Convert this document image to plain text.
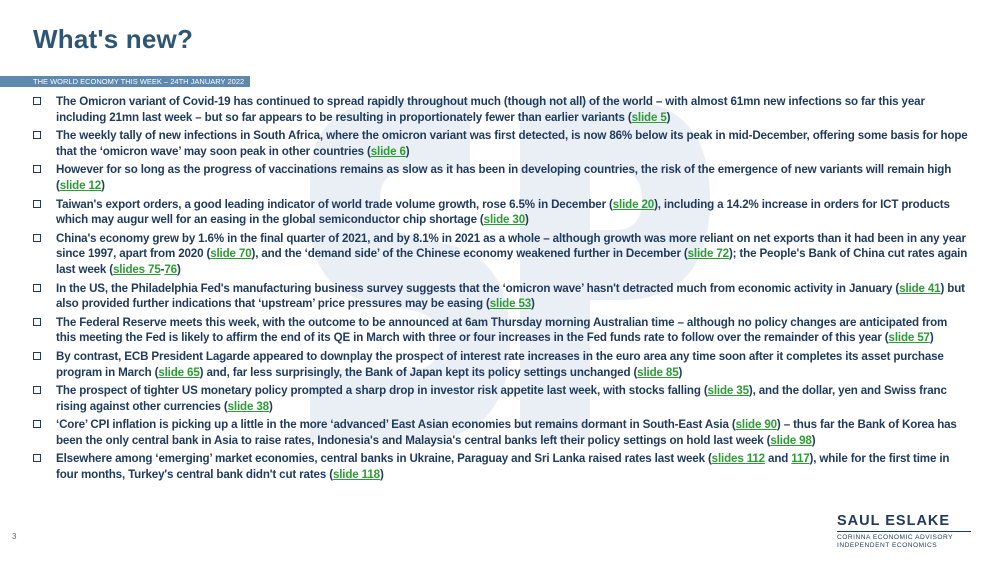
What's new?
THE WORLD ECONOMY THIS WEEK – 24TH JANUARY 2022
The Omicron variant of Covid-19 has continued to spread rapidly throughout much (though not all) of the world – with almost 61mn new infections so far this year including 21mn last week – but so far appears to be resulting in proportionately fewer than earlier variants (slide 5)
The weekly tally of new infections in South Africa, where the omicron variant was first detected, is now 86% below its peak in mid-December, offering some basis for hope that the ‘omicron wave’ may soon peak in other countries (slide 6)
However for so long as the progress of vaccinations remains as slow as it has been in developing countries, the risk of the emergence of new variants will remain high (slide 12)
Taiwan's export orders, a good leading indicator of world trade volume growth, rose 6.5% in December (slide 20), including a 14.2% increase in orders for ICT products which may augur well for an easing in the global semiconductor chip shortage (slide 30)
China's economy grew by 1.6% in the final quarter of 2021, and by 8.1% in 2021 as a whole – although growth was more reliant on net exports than it had been in any year since 1997, apart from 2020 (slide 70), and the ‘demand side’ of the Chinese economy weakened further in December (slide 72); the People's Bank of China cut rates again last week (slides 75-76)
In the US, the Philadelphia Fed's manufacturing business survey suggests that the ‘omicron wave’ hasn't detracted much from economic activity in January (slide 41) but also provided further indications that ‘upstream’ price pressures may be easing (slide 53)
The Federal Reserve meets this week, with the outcome to be announced at 6am Thursday morning Australian time – although no policy changes are anticipated from this meeting the Fed is likely to affirm the end of its QE in March with three or four increases in the Fed funds rate to follow over the remainder of this year (slide 57)
By contrast, ECB President Lagarde appeared to downplay the prospect of interest rate increases in the euro area any time soon after it completes its asset purchase program in March (slide 65) and, far less surprisingly, the Bank of Japan kept its policy settings unchanged (slide 85)
The prospect of tighter US monetary policy prompted a sharp drop in investor risk appetite last week, with stocks falling (slide 35), and the dollar, yen and Swiss franc rising against other currencies (slide 38)
‘Core’ CPI inflation is picking up a little in the more ‘advanced’ East Asian economies but remains dormant in South-East Asia (slide 90) – thus far the Bank of Korea has been the only central bank in Asia to raise rates, Indonesia's and Malaysia's central banks left their policy settings on hold last week (slide 98)
Elsewhere among ‘emerging’ market economies, central banks in Ukraine, Paraguay and Sri Lanka raised rates last week (slides 112 and 117), while for the first time in four months, Turkey's central bank didn't cut rates (slide 118)
3
SAUL ESLAKE
CORINNA ECONOMIC ADVISORY
INDEPENDENT ECONOMICS
